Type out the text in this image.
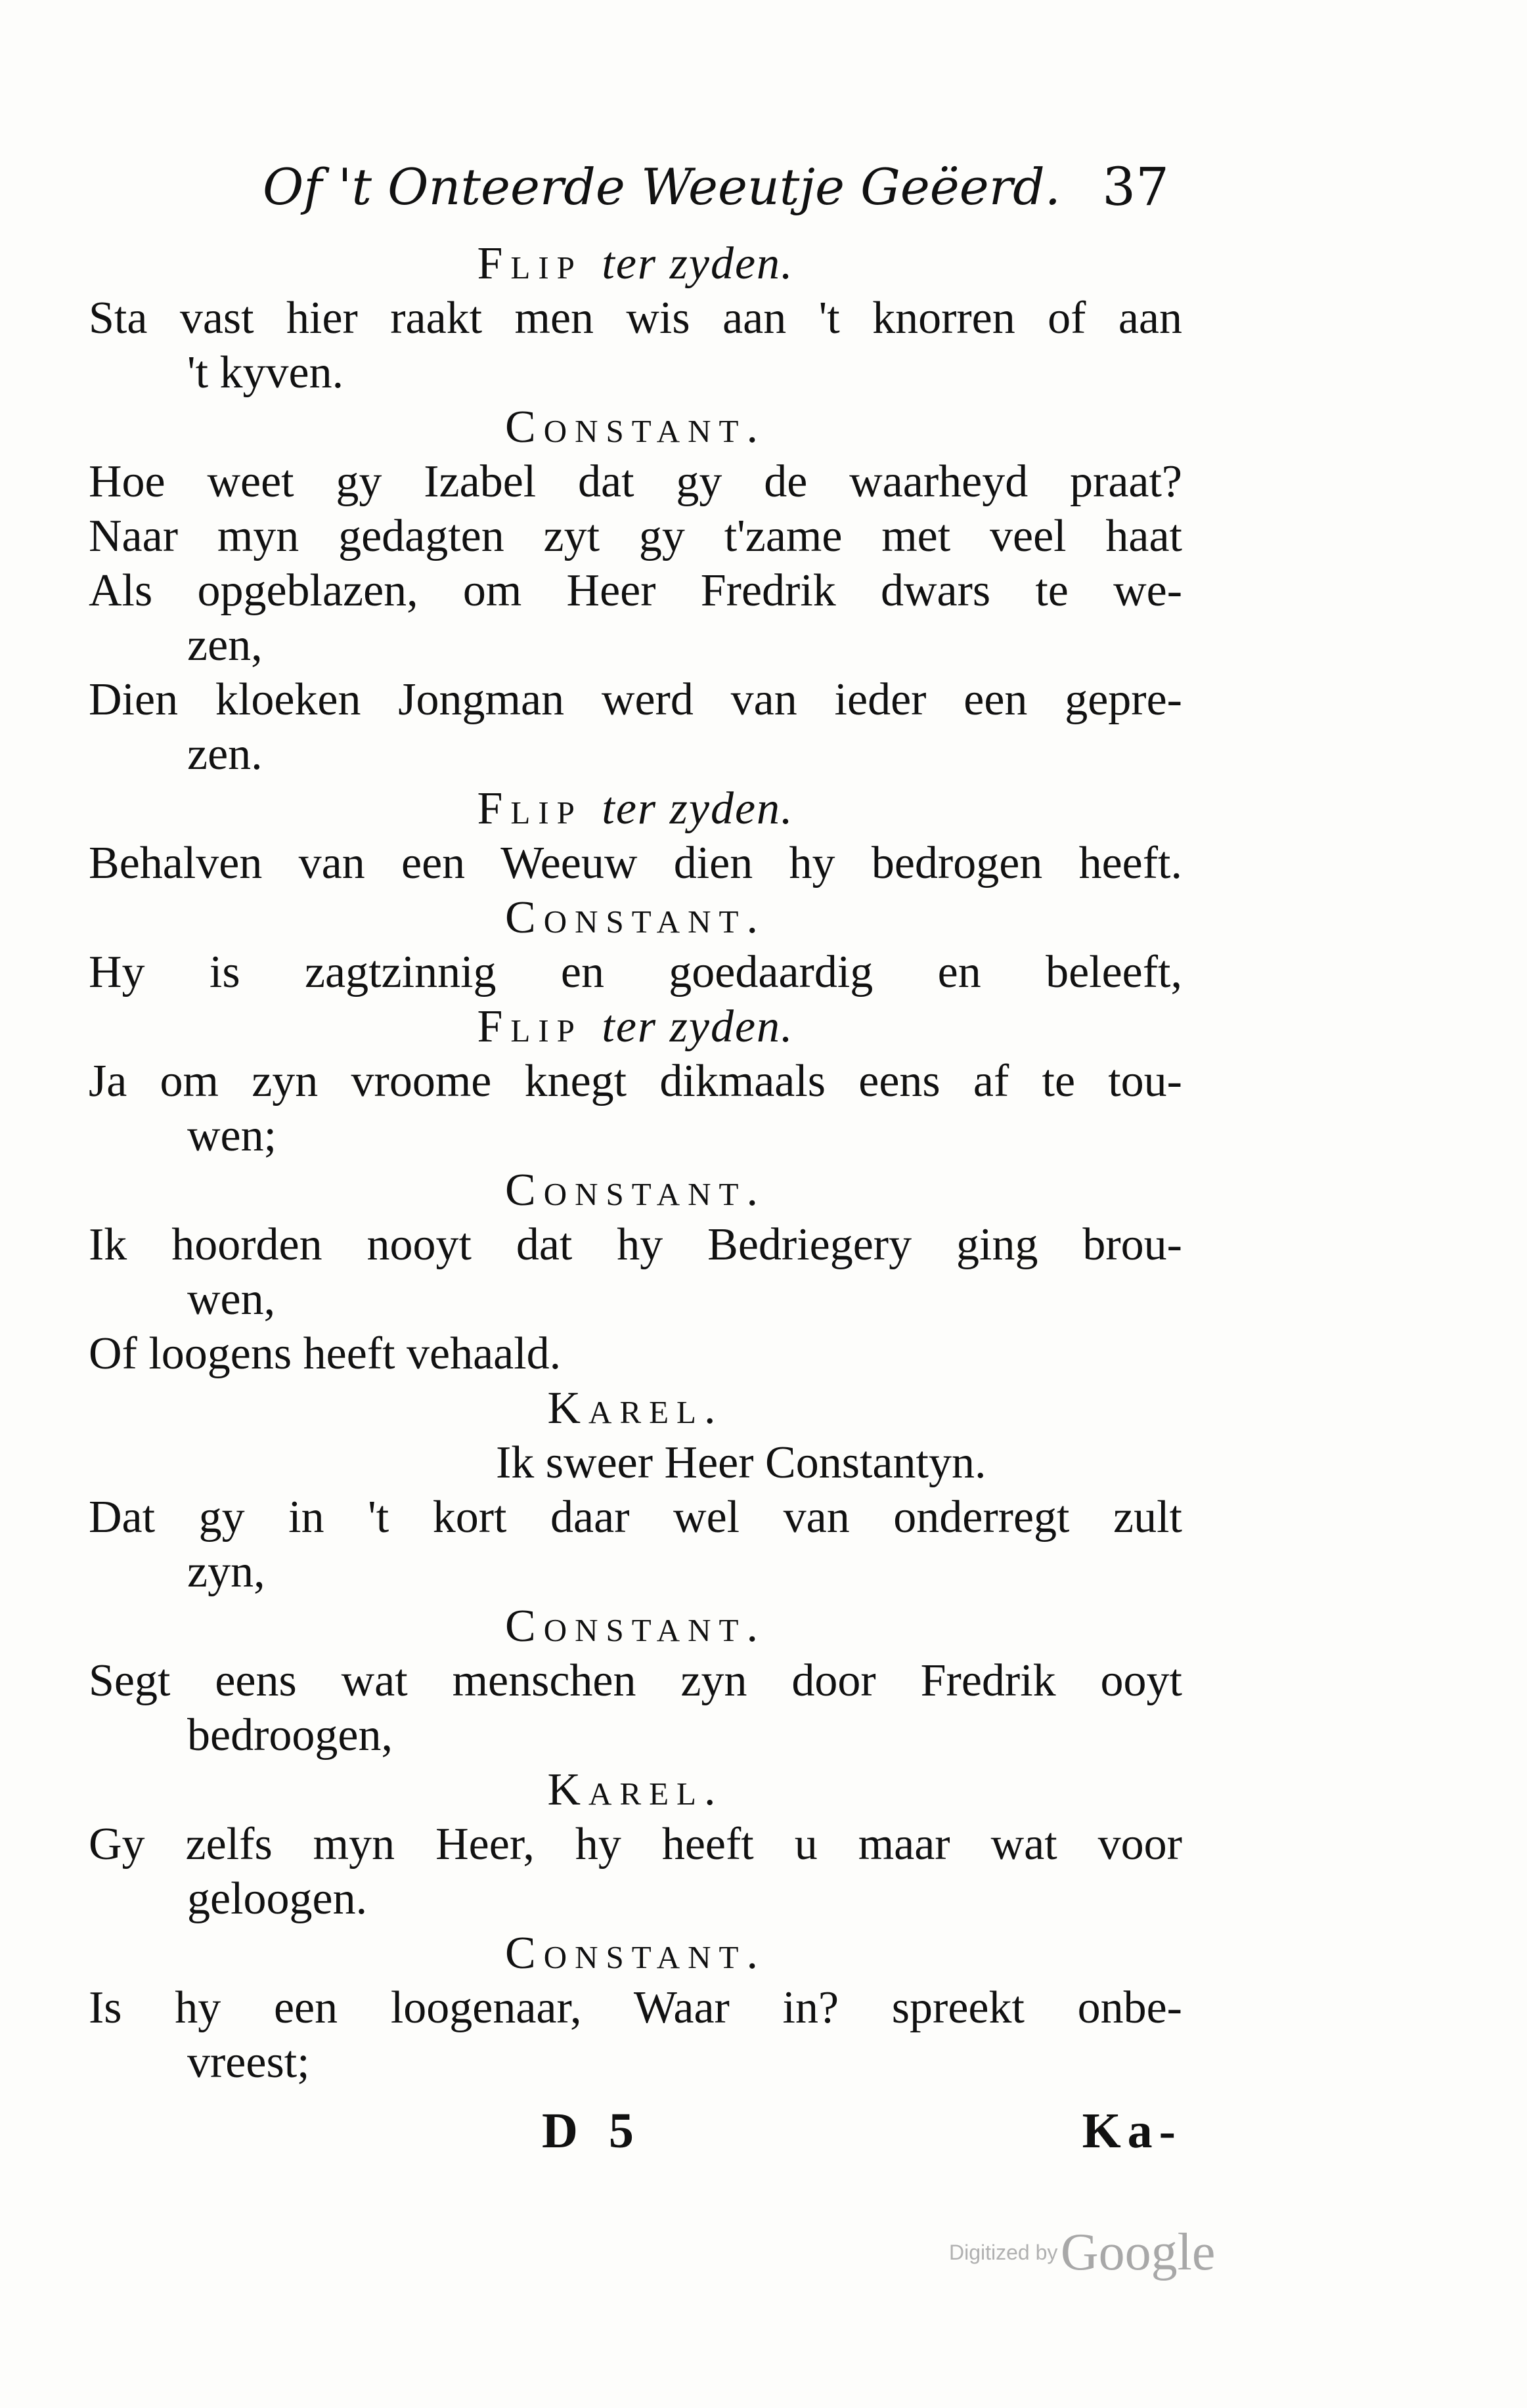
Of 't Onteerde Weeutje Geëerd. 37
Flip ter zyden.
Sta vast hier raakt men wis aan 't knorren of aan
't kyven.
Constant.
Hoe weet gy Izabel dat gy de waarheyd praat?
Naar myn gedagten zyt gy t'zame met veel haat
Als opgeblazen, om Heer Fredrik dwars te we-
zen,
Dien kloeken Jongman werd van ieder een gepre-
zen.
Flip ter zyden.
Behalven van een Weeuw dien hy bedrogen heeft.
Constant.
Hy is zagtzinnig en goedaardig en beleeft,
Flip ter zyden.
Ja om zyn vroome knegt dikmaals eens af te tou-
wen;
Constant.
Ik hoorden nooyt dat hy Bedriegery ging brou-
wen,
Of loogens heeft vehaald.
Karel.
Ik sweer Heer Constantyn.
Dat gy in 't kort daar wel van onderregt zult
zyn,
Constant.
Segt eens wat menschen zyn door Fredrik ooyt
bedroogen,
Karel.
Gy zelfs myn Heer, hy heeft u maar wat voor
geloogen.
Constant.
Is hy een loogenaar, Waar in? spreekt onbe-
vreest;
D 5	Ka-
Digitized by Google
